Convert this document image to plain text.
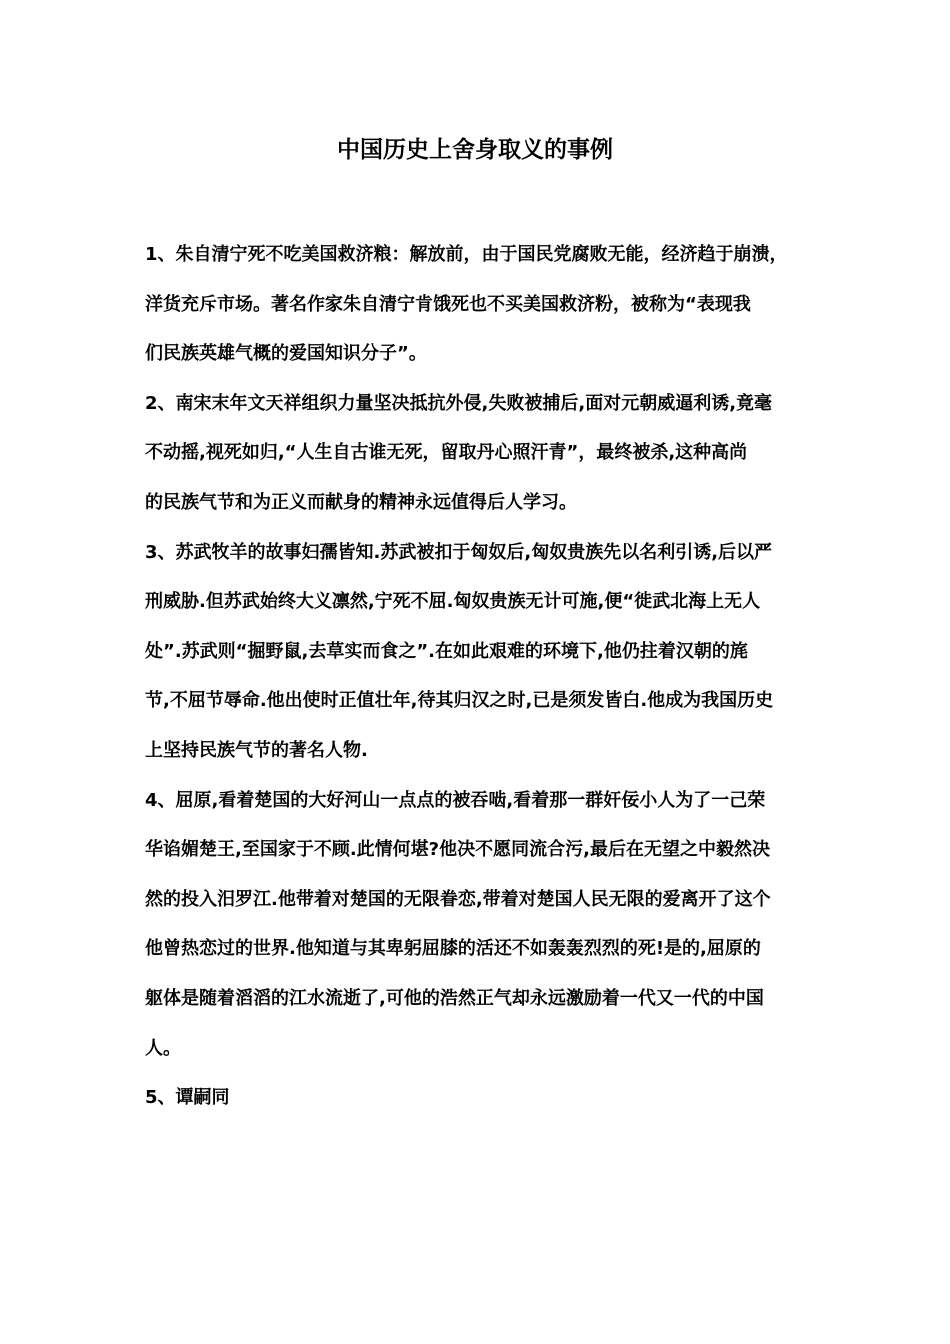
中国历史上舍身取义的事例

1、朱自清宁死不吃美国救济粮：解放前，由于国民党腐败无能，经济趋于崩溃，
洋货充斥市场。著名作家朱自清宁肯饿死也不买美国救济粉，被称为“表现我
们民族英雄气概的爱国知识分子”。

2、南宋末年文天祥组织力量坚决抵抗外侵,失败被捕后,面对元朝威逼利诱,竟毫
不动摇,视死如归,“人生自古谁无死，留取丹心照汗青”，最终被杀,这种高尚
的民族气节和为正义而献身的精神永远值得后人学习。

3、苏武牧羊的故事妇孺皆知.苏武被扣于匈奴后,匈奴贵族先以名利引诱,后以严
刑威胁.但苏武始终大义凛然,宁死不屈.匈奴贵族无计可施,便“徙武北海上无人
处”.苏武则“掘野鼠,去草实而食之”.在如此艰难的环境下,他仍拄着汉朝的旄
节,不屈节辱命.他出使时正值壮年,待其归汉之时,已是须发皆白.他成为我国历史
上坚持民族气节的著名人物.

4、屈原,看着楚国的大好河山一点点的被吞啮,看着那一群奸佞小人为了一己荣
华谄媚楚王,至国家于不顾.此情何堪?他决不愿同流合污,最后在无望之中毅然决
然的投入汨罗江.他带着对楚国的无限眷恋,带着对楚国人民无限的爱离开了这个
他曾热恋过的世界.他知道与其卑躬屈膝的活还不如轰轰烈烈的死!是的,屈原的
躯体是随着滔滔的江水流逝了,可他的浩然正气却永远激励着一代又一代的中国
人。

5、谭嗣同
